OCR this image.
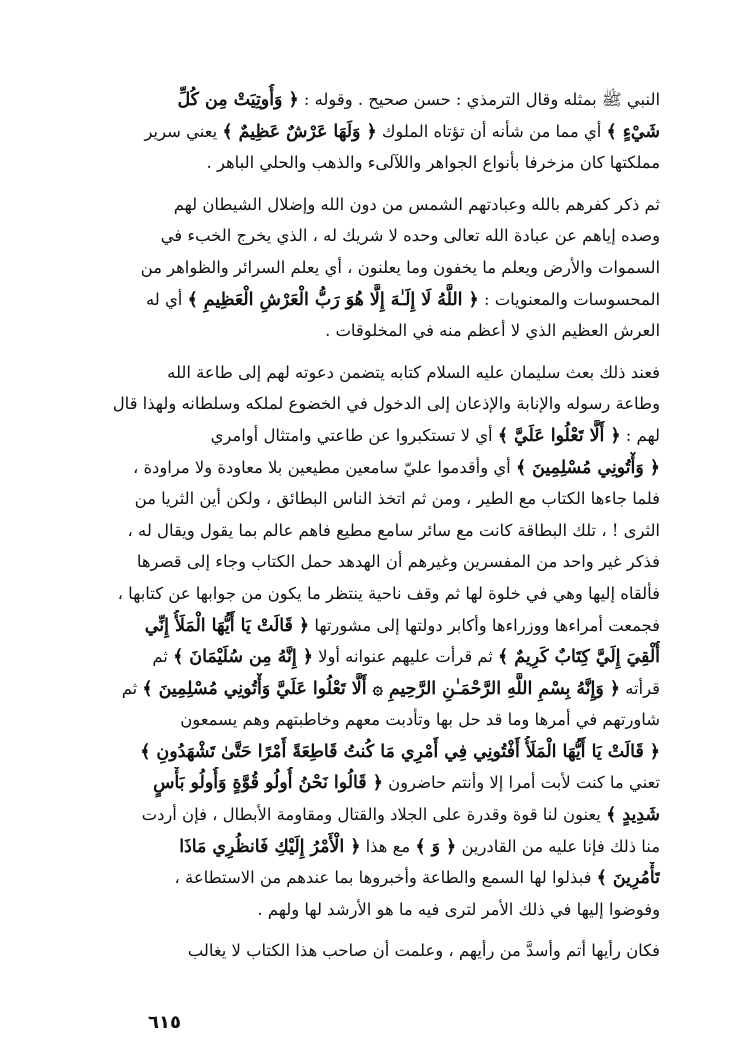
النبي ﷺ بمثله وقال الترمذي : حسن صحيح . وقوله : ﴿ وَأُوتِيَتْ مِن كُلِّ
شَيْءٍ ﴾ أي مما من شأنه أن تؤتاه الملوك ﴿ وَلَهَا عَرْشٌ عَظِيمٌ ﴾ يعني سرير
مملكتها كان مزخرفا بأنواع الجواهر واللآلىء والذهب والحلي الباهر .
ثم ذكر كفرهم بالله وعبادتهم الشمس من دون الله وإضلال الشيطان لهم
وصده إياهم عن عبادة الله تعالى وحده لا شريك له ، الذي يخرج الخبء في
السموات والأرض ويعلم ما يخفون وما يعلنون ، أي يعلم السرائر والظواهر من
المحسوسات والمعنويات : ﴿ اللَّهُ لَا إِلَـٰهَ إِلَّا هُوَ رَبُّ الْعَرْشِ الْعَظِيمِ ﴾ أي له
العرش العظيم الذي لا أعظم منه في المخلوقات .
فعند ذلك بعث سليمان عليه السلام كتابه يتضمن دعوته لهم إلى طاعة الله
وطاعة رسوله والإنابة والإذعان إلى الدخول في الخضوع لملكه وسلطانه ولهذا قال
لهم : ﴿ أَلَّا تَعْلُوا عَلَيَّ ﴾ أي لا تستكبروا عن طاعتي وامتثال أوامري
﴿ وَأْتُونِي مُسْلِمِينَ ﴾ أي وأقدموا عليّ سامعين مطيعين بلا معاودة ولا مراودة ،
فلما جاءها الكتاب مع الطير ، ومن ثم اتخذ الناس البطائق ، ولكن أين الثريا من
الثرى ! ، تلك البطاقة كانت مع سائر سامع مطيع فاهم عالم بما يقول ويقال له ،
فذكر غير واحد من المفسرين وغيرهم أن الهدهد حمل الكتاب وجاء إلى قصرها
فألقاه إليها وهي في خلوة لها ثم وقف ناحية ينتظر ما يكون من جوابها عن كتابها ،
فجمعت أمراءها ووزراءها وأكابر دولتها إلى مشورتها ﴿ قَالَتْ يَا أَيُّهَا الْمَلَأُ إِنِّي
أُلْقِيَ إِلَيَّ كِتَابٌ كَرِيمٌ ﴾ ثم قرأت عليهم عنوانه أولا ﴿ إِنَّهُ مِن سُلَيْمَانَ ﴾ ثم
قرأته ﴿ وَإِنَّهُ بِسْمِ اللَّهِ الرَّحْمَـٰنِ الرَّحِيمِ ۞ أَلَّا تَعْلُوا عَلَيَّ وَأْتُونِي مُسْلِمِينَ ﴾ ثم
شاورتهم في أمرها وما قد حل بها وتأدبت معهم وخاطبتهم وهم يسمعون
﴿ قَالَتْ يَا أَيُّهَا الْمَلَأُ أَفْتُونِي فِي أَمْرِي مَا كُنتُ قَاطِعَةً أَمْرًا حَتَّىٰ تَشْهَدُونِ ﴾
تعني ما كنت لأبت أمرا إلا وأنتم حاضرون ﴿ قَالُوا نَحْنُ أُولُو قُوَّةٍ وَأُولُو بَأْسٍ
شَدِيدٍ ﴾ يعنون لنا قوة وقدرة على الجلاد والقتال ومقاومة الأبطال ، فإن أردت
منا ذلك فإنا عليه من القادرين ﴿ وَ ﴾ مع هذا ﴿ الْأَمْرُ إِلَيْكِ فَانظُرِي مَاذَا
تَأْمُرِينَ ﴾ فبذلوا لها السمع والطاعة وأخبروها بما عندهم من الاستطاعة ،
وفوضوا إليها في ذلك الأمر لترى فيه ما هو الأرشد لها ولهم .
فكان رأيها أتم وأسدَّ من رأيهم ، وعلمت أن صاحب هذا الكتاب لا يغالب
٦١٥
